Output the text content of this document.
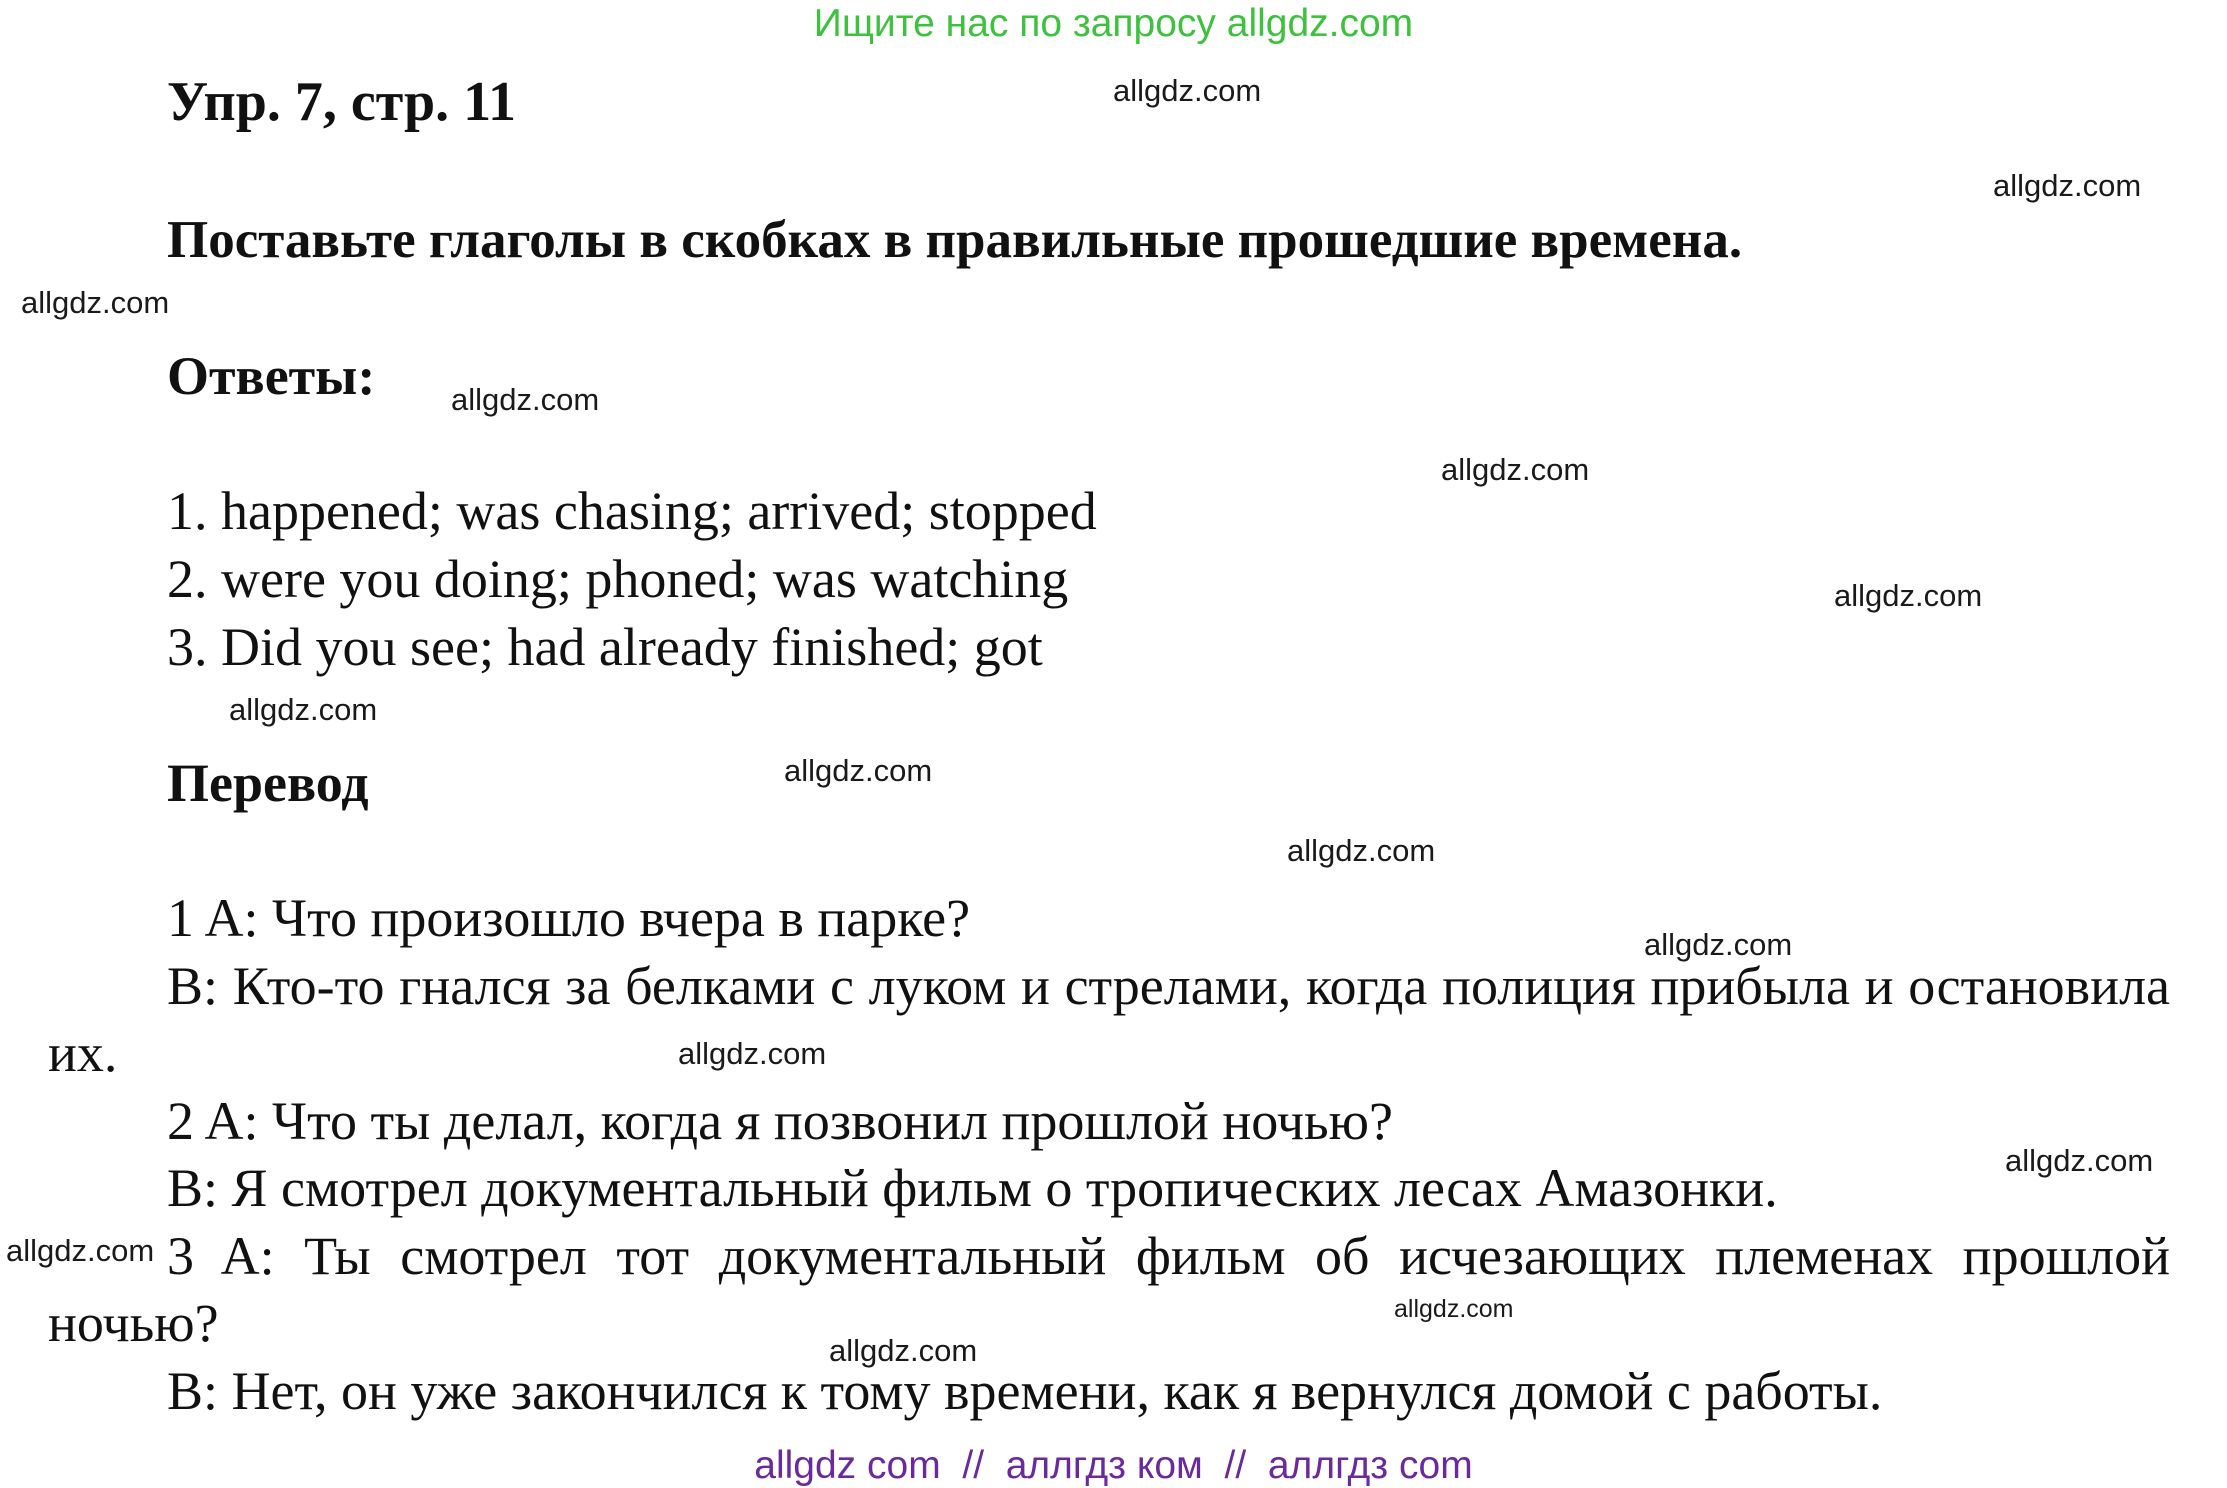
Ищите нас по запросу allgdz.com
Упр. 7, стр. 11
Поставьте глаголы в скобках в правильные прошедшие времена.
Ответы:
1. happened; was chasing; arrived; stopped
2. were you doing; phoned; was watching
3. Did you see; had already finished; got
Перевод

1 A: Что произошло вчера в парке?

B: Кто-то гнался за белками с луком и стрелами, когда полиция прибыла и остановила их.

2 A: Что ты делал, когда я позвонил прошлой ночью?

B: Я смотрел документальный фильм о тропических лесах Амазонки.

3 A: Ты смотрел тот документальный фильм об исчезающих племенах прошлой ночью?

B: Нет, он уже закончился к тому времени, как я вернулся домой с работы.

allgdz.com
allgdz.com
allgdz.com
allgdz.com
allgdz.com
allgdz.com
allgdz.com
allgdz.com
allgdz.com
allgdz.com
allgdz.com
allgdz.com
allgdz.com
allgdz.com
allgdz.com
allgdz com  //  аллгдз ком  //  аллгдз com
